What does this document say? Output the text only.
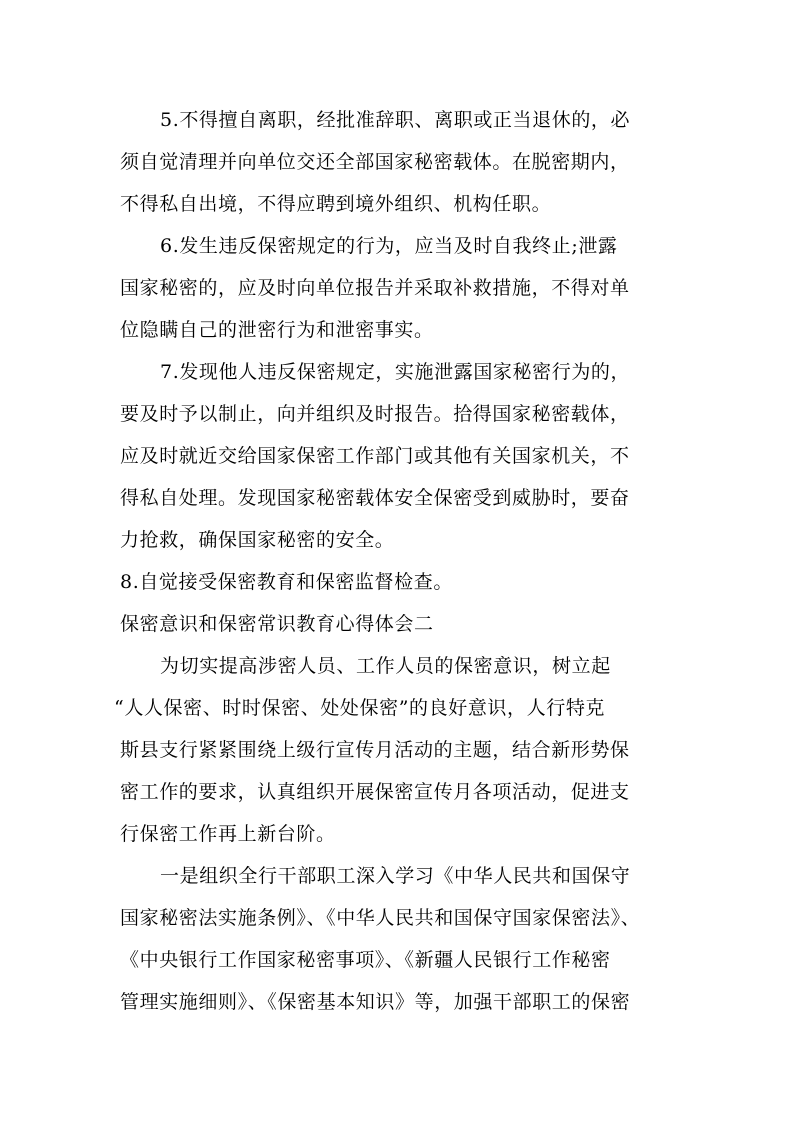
5.不得擅自离职，经批准辞职、离职或正当退休的，必
须自觉清理并向单位交还全部国家秘密载体。在脱密期内，
不得私自出境，不得应聘到境外组织、机构任职。
6.发生违反保密规定的行为，应当及时自我终止;泄露
国家秘密的，应及时向单位报告并采取补救措施，不得对单
位隐瞒自己的泄密行为和泄密事实。
7.发现他人违反保密规定，实施泄露国家秘密行为的，
要及时予以制止，向并组织及时报告。拾得国家秘密载体，
应及时就近交给国家保密工作部门或其他有关国家机关，不
得私自处理。发现国家秘密载体安全保密受到威胁时，要奋
力抢救，确保国家秘密的安全。
8.自觉接受保密教育和保密监督检查。
保密意识和保密常识教育心得体会二
为切实提高涉密人员、工作人员的保密意识，树立起
“人人保密、时时保密、处处保密”的良好意识，人行特克
斯县支行紧紧围绕上级行宣传月活动的主题，结合新形势保
密工作的要求，认真组织开展保密宣传月各项活动，促进支
行保密工作再上新台阶。
一是组织全行干部职工深入学习《中华人民共和国保守
国家秘密法实施条例》、《中华人民共和国保守国家保密法》、
《中央银行工作国家秘密事项》、《新疆人民银行工作秘密
管理实施细则》、《保密基本知识》等，加强干部职工的保密
